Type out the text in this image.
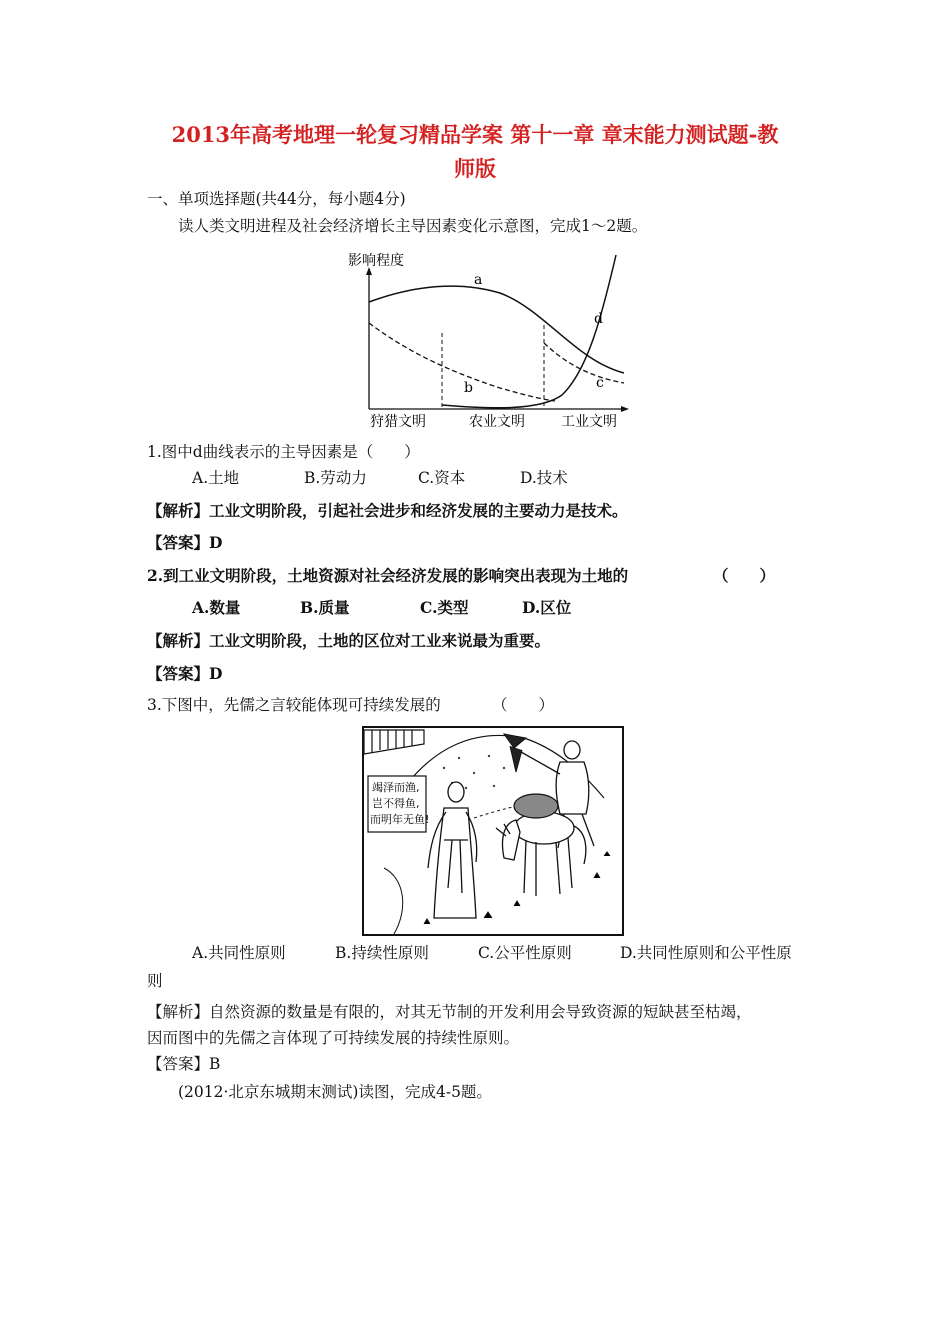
2013年高考地理一轮复习精品学案 第十一章 章末能力测试题-教
师版
一、单项选择题(共44分，每小题4分)
读人类文明进程及社会经济增长主导因素变化示意图，完成1～2题。
影响程度
a
b	c
d
狩猎文明	农业文明	工业文明
1.图中d曲线表示的主导因素是（　　）
A.土地	B.劳动力	C.资本	D.技术
【解析】工业文明阶段，引起社会进步和经济发展的主要动力是技术。
【答案】D
2.到工业文明阶段，土地资源对社会经济发展的影响突出表现为土地的	（　　）
A.数量	B.质量	C.类型	D.区位
【解析】工业文明阶段，土地的区位对工业来说最为重要。
【答案】D
3.下图中，先儒之言较能体现可持续发展的	（　　）
竭泽而渔,
岂不得鱼,
而明年无鱼!
A.共同性原则	B.持续性原则	C.公平性原则	D.共同性原则和公平性原
则
【解析】自然资源的数量是有限的，对其无节制的开发利用会导致资源的短缺甚至枯竭，
因而图中的先儒之言体现了可持续发展的持续性原则。
【答案】B
(2012·北京东城期末测试)读图，完成4-5题。
